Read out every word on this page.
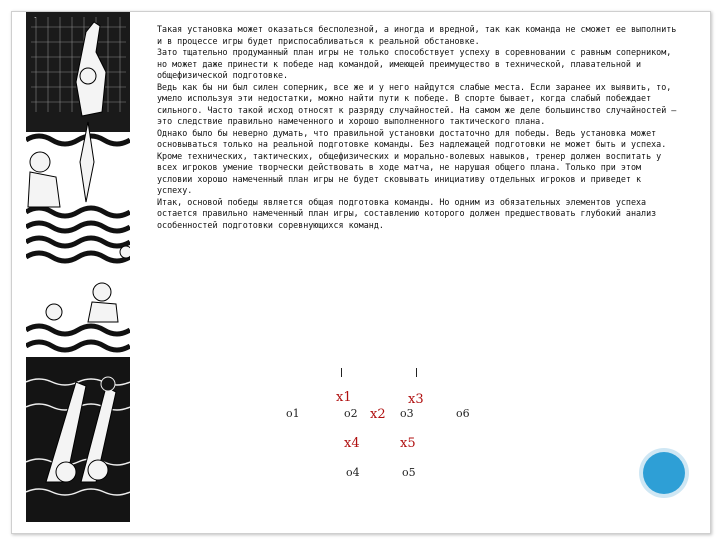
·

Такая установка может оказаться бесполезной, а иногда и вредной, так как команда не сможет ее выполнить и в процессе игры будет приспосабливаться к реальной обстановке.

Зато тщательно продуманный план игры не только способствует успеху в соревновании с равным соперником, но может даже принести к победе над командой, имеющей преимущество в технической, плавательной и общефизической подготовке.

Ведь как бы ни был силен соперник, все же и у него найдутся слабые места. Если заранее их выявить, то, умело используя эти недостатки, можно найти пути к победе. В спорте бывает, когда слабый побеждает сильного. Часто такой исход относят к разряду случайностей. На самом же деле большинство случайностей — это следствие правильно намеченного и хорошо выполненного тактического плана.

Однако было бы неверно думать, что правильной установки достаточно для победы. Ведь установка может основываться только на реальной подготовке команды. Без надлежащей подготовки не может быть и успеха. Кроме технических, тактических, общефизических и морально-волевых навыков, тренер должен воспитать у всех игроков умение творчески действовать в ходе матча, не нарушая общего плана. Только при этом условии хорошо намеченный план игры не будет сковывать инициативу отдельных игроков и приведет к успеху.

Итак, основой победы является общая подготовка команды. Но одним из обязательных элементов успеха остается правильно намеченный план игры, составлению которого должен предшествовать глубокий анализ особенностей подготовки соревнующихся команд.

x1	x3
o1	o2 x2 o3	o6
x4	x5
o4	o5
